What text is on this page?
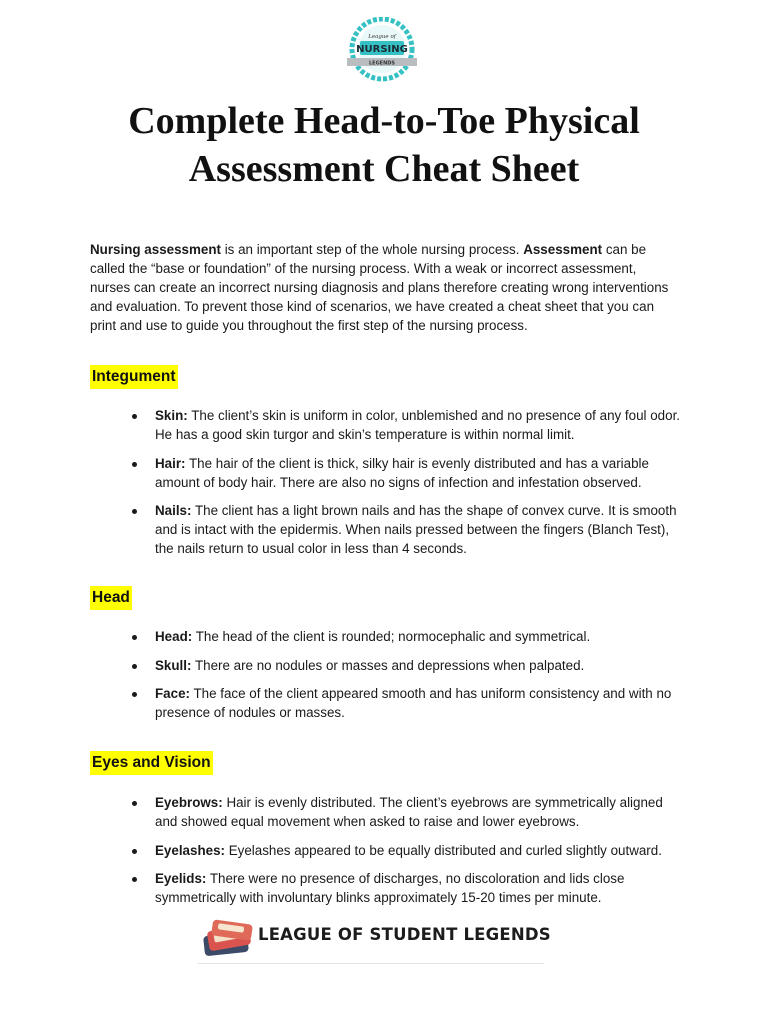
League of
NURSING
LEGENDS
Complete Head-to-Toe Physical
Assessment Cheat Sheet

Nursing assessment is an important step of the whole nursing process. Assessment can be called the “base or foundation” of the nursing process. With a weak or incorrect assessment, nurses can create an incorrect nursing diagnosis and plans therefore creating wrong interventions and evaluation. To prevent those kind of scenarios, we have created a cheat sheet that you can print and use to guide you throughout the first step of the nursing process.

Integument
Skin: The client’s skin is uniform in color, unblemished and no presence of any foul odor. He has a good skin turgor and skin’s temperature is within normal limit.
Hair: The hair of the client is thick, silky hair is evenly distributed and has a variable amount of body hair. There are also no signs of infection and infestation observed.
Nails: The client has a light brown nails and has the shape of convex curve. It is smooth and is intact with the epidermis. When nails pressed between the fingers (Blanch Test), the nails return to usual color in less than 4 seconds.
Head
Head: The head of the client is rounded; normocephalic and symmetrical.
Skull: There are no nodules or masses and depressions when palpated.
Face: The face of the client appeared smooth and has uniform consistency and with no presence of nodules or masses.
Eyes and Vision
Eyebrows: Hair is evenly distributed. The client’s eyebrows are symmetrically aligned and showed equal movement when asked to raise and lower eyebrows.
Eyelashes: Eyelashes appeared to be equally distributed and curled slightly outward.
Eyelids: There were no presence of discharges, no discoloration and lids close symmetrically with involuntary blinks approximately 15-20 times per minute.
LEAGUE OF STUDENT LEGENDS
